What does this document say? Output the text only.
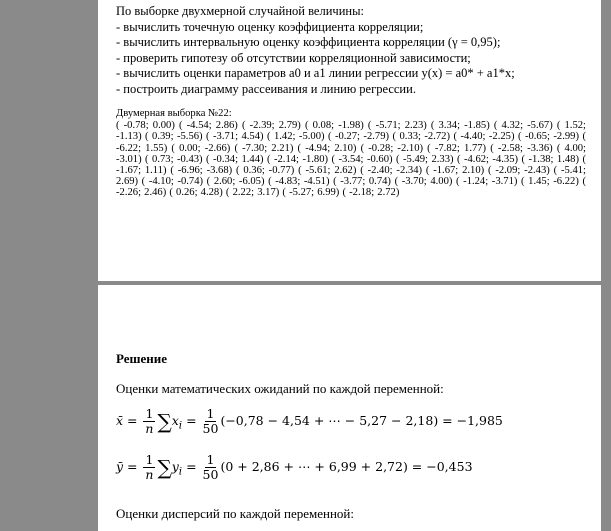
По выборке двухмерной случайной величины:
- вычислить точечную оценку коэффициента корреляции;
- вычислить интервальную оценку коэффициента корреляции (γ = 0,95);
- проверить гипотезу об отсутствии корреляционной зависимости;
- вычислить оценки параметров a0 и a1 линии регрессии y(x) = a0* + a1*x;
- построить диаграмму рассеивания и линию регрессии.
Двумерная выборка №22:
( -0.78; 0.00) ( -4.54; 2.86) ( -2.39; 2.79) ( 0.08; -1.98) ( -5.71; 2.23) ( 3.34; -1.85) ( 4.32; -5.67) ( 1.52; -1.13) ( 0.39; -5.56) ( -3.71; 4.54) ( 1.42; -5.00) ( -0.27; -2.79) ( 0.33; -2.72) ( -4.40; -2.25) ( -0.65; -2.99) ( -6.22; 1.55) ( 0.00; -2.66) ( -7.30; 2.21) ( -4.94; 2.10) ( -0.28; -2.10) ( -7.82; 1.77) ( -2.58; -3.36) ( 4.00; -3.01) ( 0.73; -0.43) ( -0.34; 1.44) ( -2.14; -1.80) ( -3.54; -0.60) ( -5.49; 2.33) ( -4.62; -4.35) ( -1.38; 1.48) ( -1.67; 1.11) ( -6.96; -3.68) ( 0.36; -0.77) ( -5.61; 2.62) ( -2.40; -2.34) ( -1.67; 2.10) ( -2.09; -2.43) ( -5.41; 2.69) ( -4.10; -0.74) ( 2.60; -6.05) ( -4.83; -4.51) ( -3.77; 0.74) ( -3.70; 4.00) ( -1.24; -3.71) ( 1.45; -6.22) ( -2.26; 2.46) ( 0.26; 4.28) ( 2.22; 3.17) ( -5.27; 6.99) ( -2.18; 2.72)
Решение
Оценки математических ожиданий по каждой переменной:
x̄ = $\frac{1}{n} \sum x_i = \frac{1}{50} (-0,78 - 4,54$ + ⋯ − 5,27 − 2,18) = −1,985
ȳ = $\frac{1}{n} \sum y_i = \frac{1}{50} (0 + 2,86$ + ⋯ + 6,99 + 2,72) = −0,453
Оценки дисперсий по каждой переменной:
